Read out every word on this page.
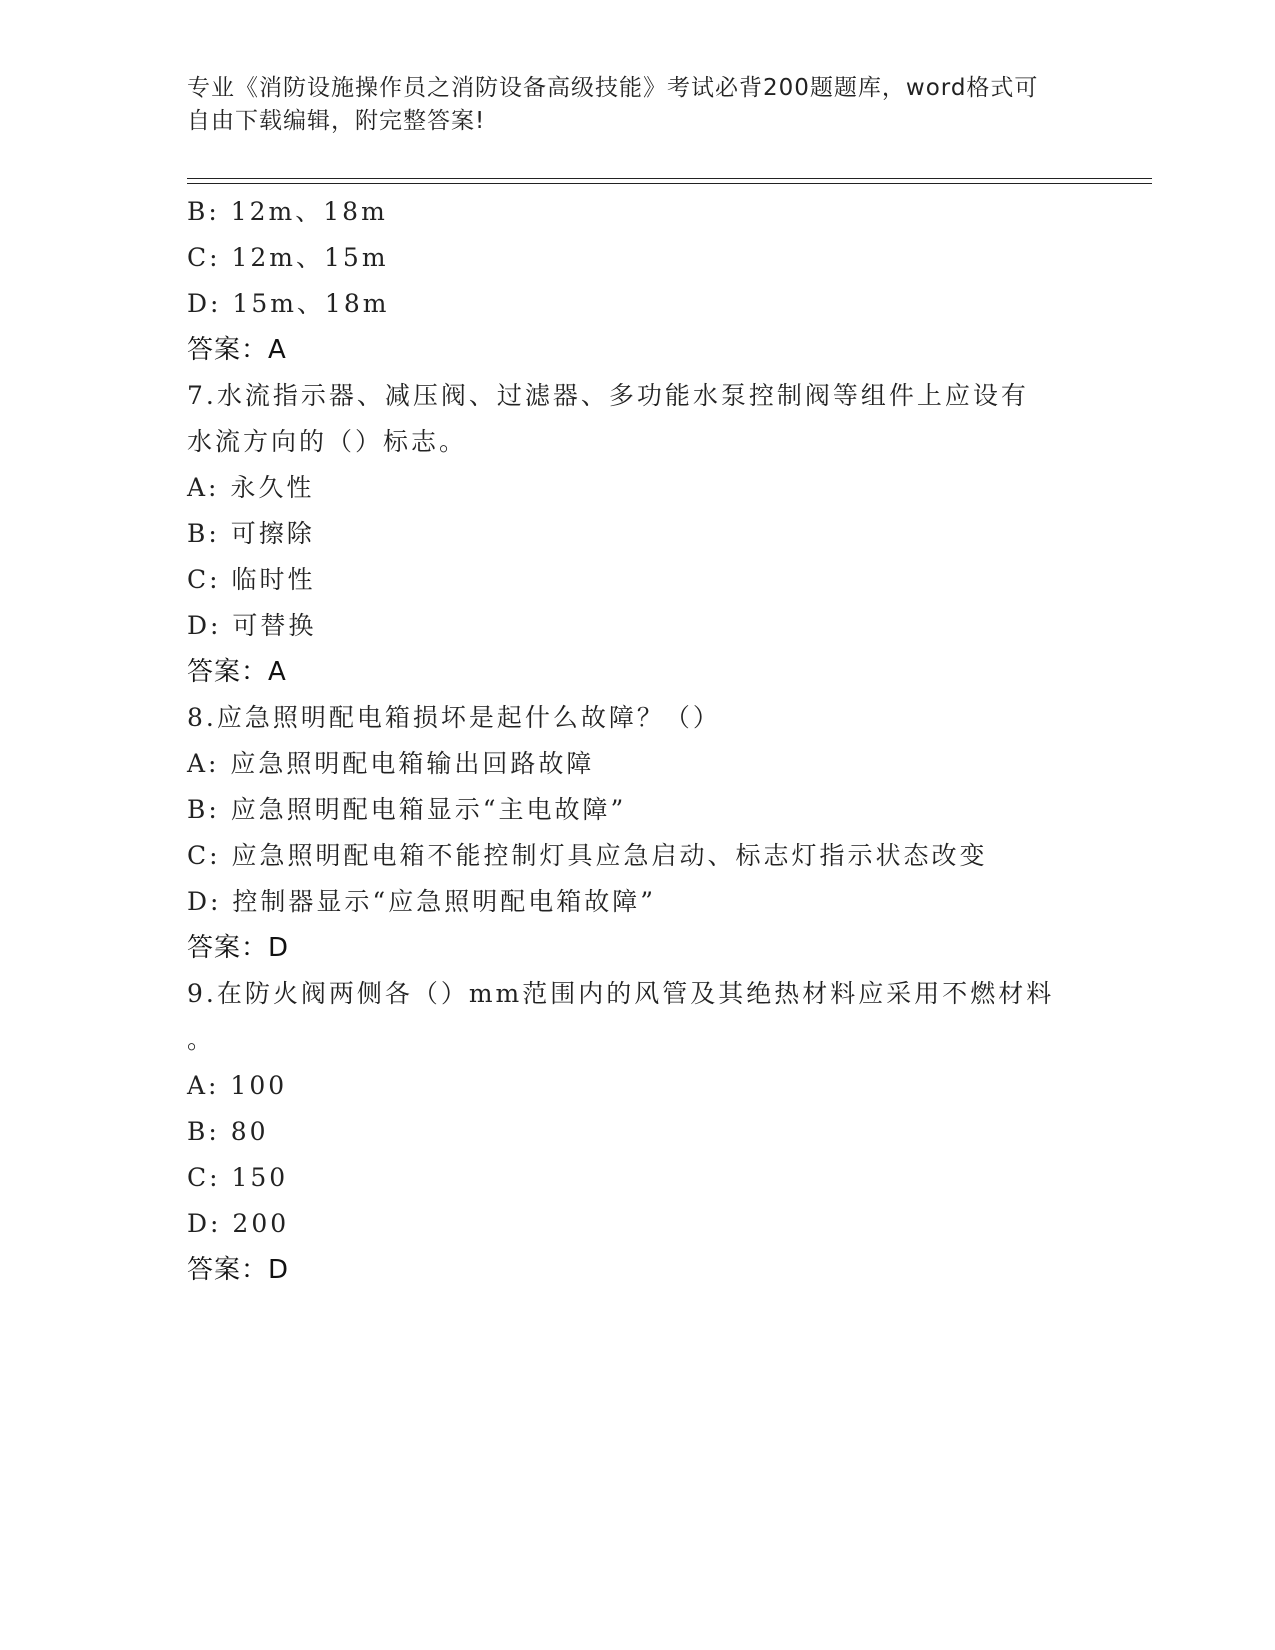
专业《消防设施操作员之消防设备高级技能》考试必背200题题库，word格式可
自由下载编辑，附完整答案!
B: 12m、18m
C: 12m、15m
D: 15m、18m
答案：A
7.水流指示器、减压阀、过滤器、多功能水泵控制阀等组件上应设有
水流方向的（）标志。
A: 永久性
B: 可擦除
C: 临时性
D: 可替换
答案：A
8.应急照明配电箱损坏是起什么故障？（）
A: 应急照明配电箱输出回路故障
B: 应急照明配电箱显示“主电故障”
C: 应急照明配电箱不能控制灯具应急启动、标志灯指示状态改变
D: 控制器显示“应急照明配电箱故障”
答案：D
9.在防火阀两侧各（）mm范围内的风管及其绝热材料应采用不燃材料
。
A: 100
B: 80
C: 150
D: 200
答案：D
